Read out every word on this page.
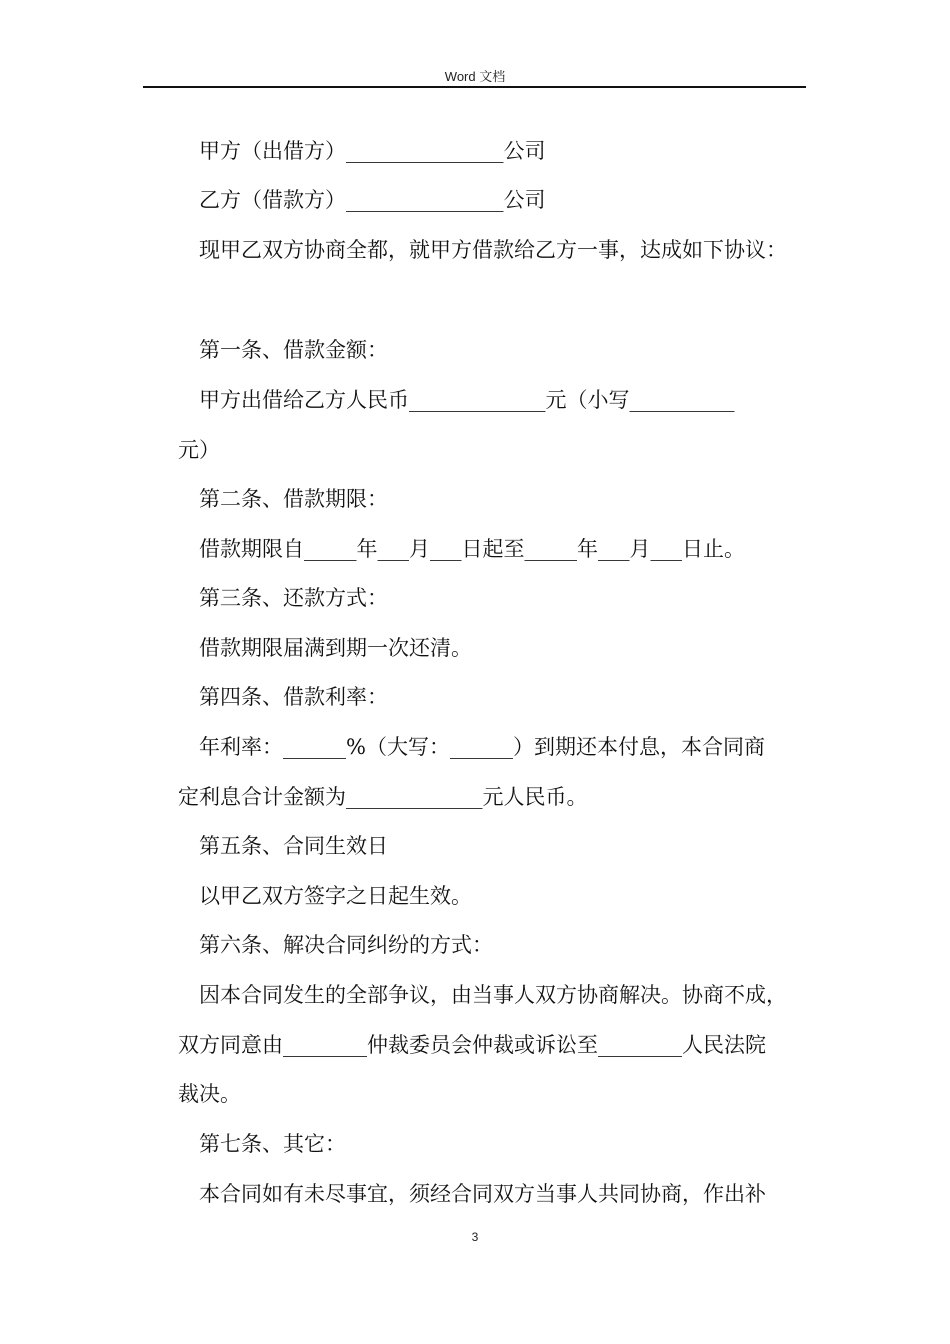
Word 文档
甲方（出借方）_______________公司
乙方（借款方）_______________公司
现甲乙双方协商全都，就甲方借款给乙方一事，达成如下协议：
第一条、借款金额：
甲方出借给乙方人民币_____________元（小写__________
元）
第二条、借款期限：
借款期限自_____年___月___日起至_____年___月___日止。
第三条、还款方式：
借款期限届满到期一次还清。
第四条、借款利率：
年利率：______%（大写：______）到期还本付息，本合同商
定利息合计金额为_____________元人民币。
第五条、合同生效日
以甲乙双方签字之日起生效。
第六条、解决合同纠纷的方式：
因本合同发生的全部争议，由当事人双方协商解决。协商不成，
双方同意由________仲裁委员会仲裁或诉讼至________人民法院
裁决。
第七条、其它：
本合同如有未尽事宜，须经合同双方当事人共同协商，作出补
3
